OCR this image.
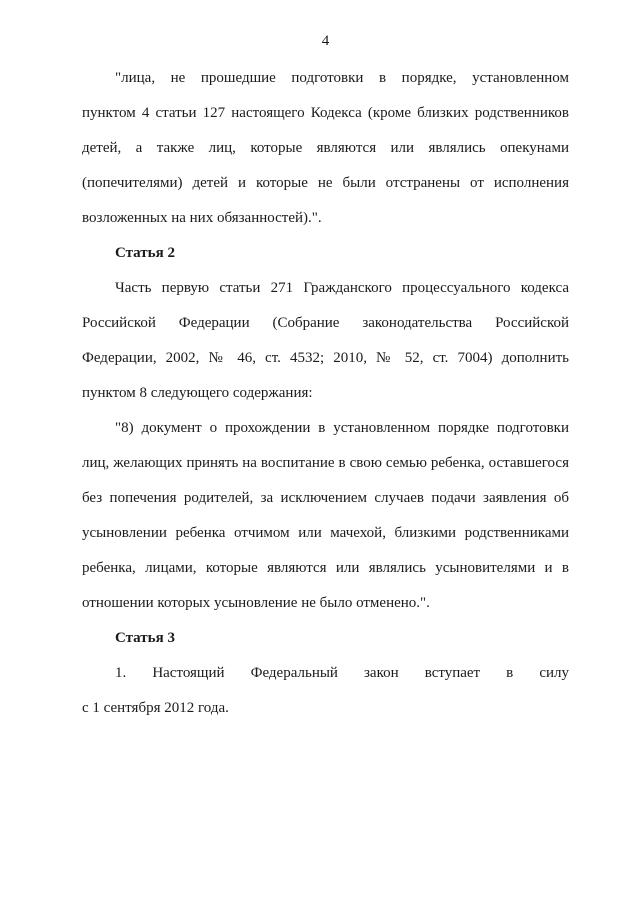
4
"лица, не прошедшие подготовки в порядке, установленном
пунктом 4 статьи 127 настоящего Кодекса (кроме близких родственников
детей, а также лиц, которые являются или являлись опекунами
(попечителями) детей и которые не были отстранены от исполнения
возложенных на них обязанностей).".
Статья 2
Часть первую статьи 271 Гражданского процессуального кодекса
Российской Федерации (Собрание законодательства Российской
Федерации, 2002, № 46, ст. 4532; 2010, № 52, ст. 7004) дополнить
пунктом 8 следующего содержания:
"8) документ о прохождении в установленном порядке подготовки
лиц, желающих принять на воспитание в свою семью ребенка, оставшегося
без попечения родителей, за исключением случаев подачи заявления об
усыновлении ребенка отчимом или мачехой, близкими родственниками
ребенка, лицами, которые являются или являлись усыновителями и в
отношении которых усыновление не было отменено.".
Статья 3
1. Настоящий Федеральный закон вступает в силу
с 1 сентября 2012 года.
